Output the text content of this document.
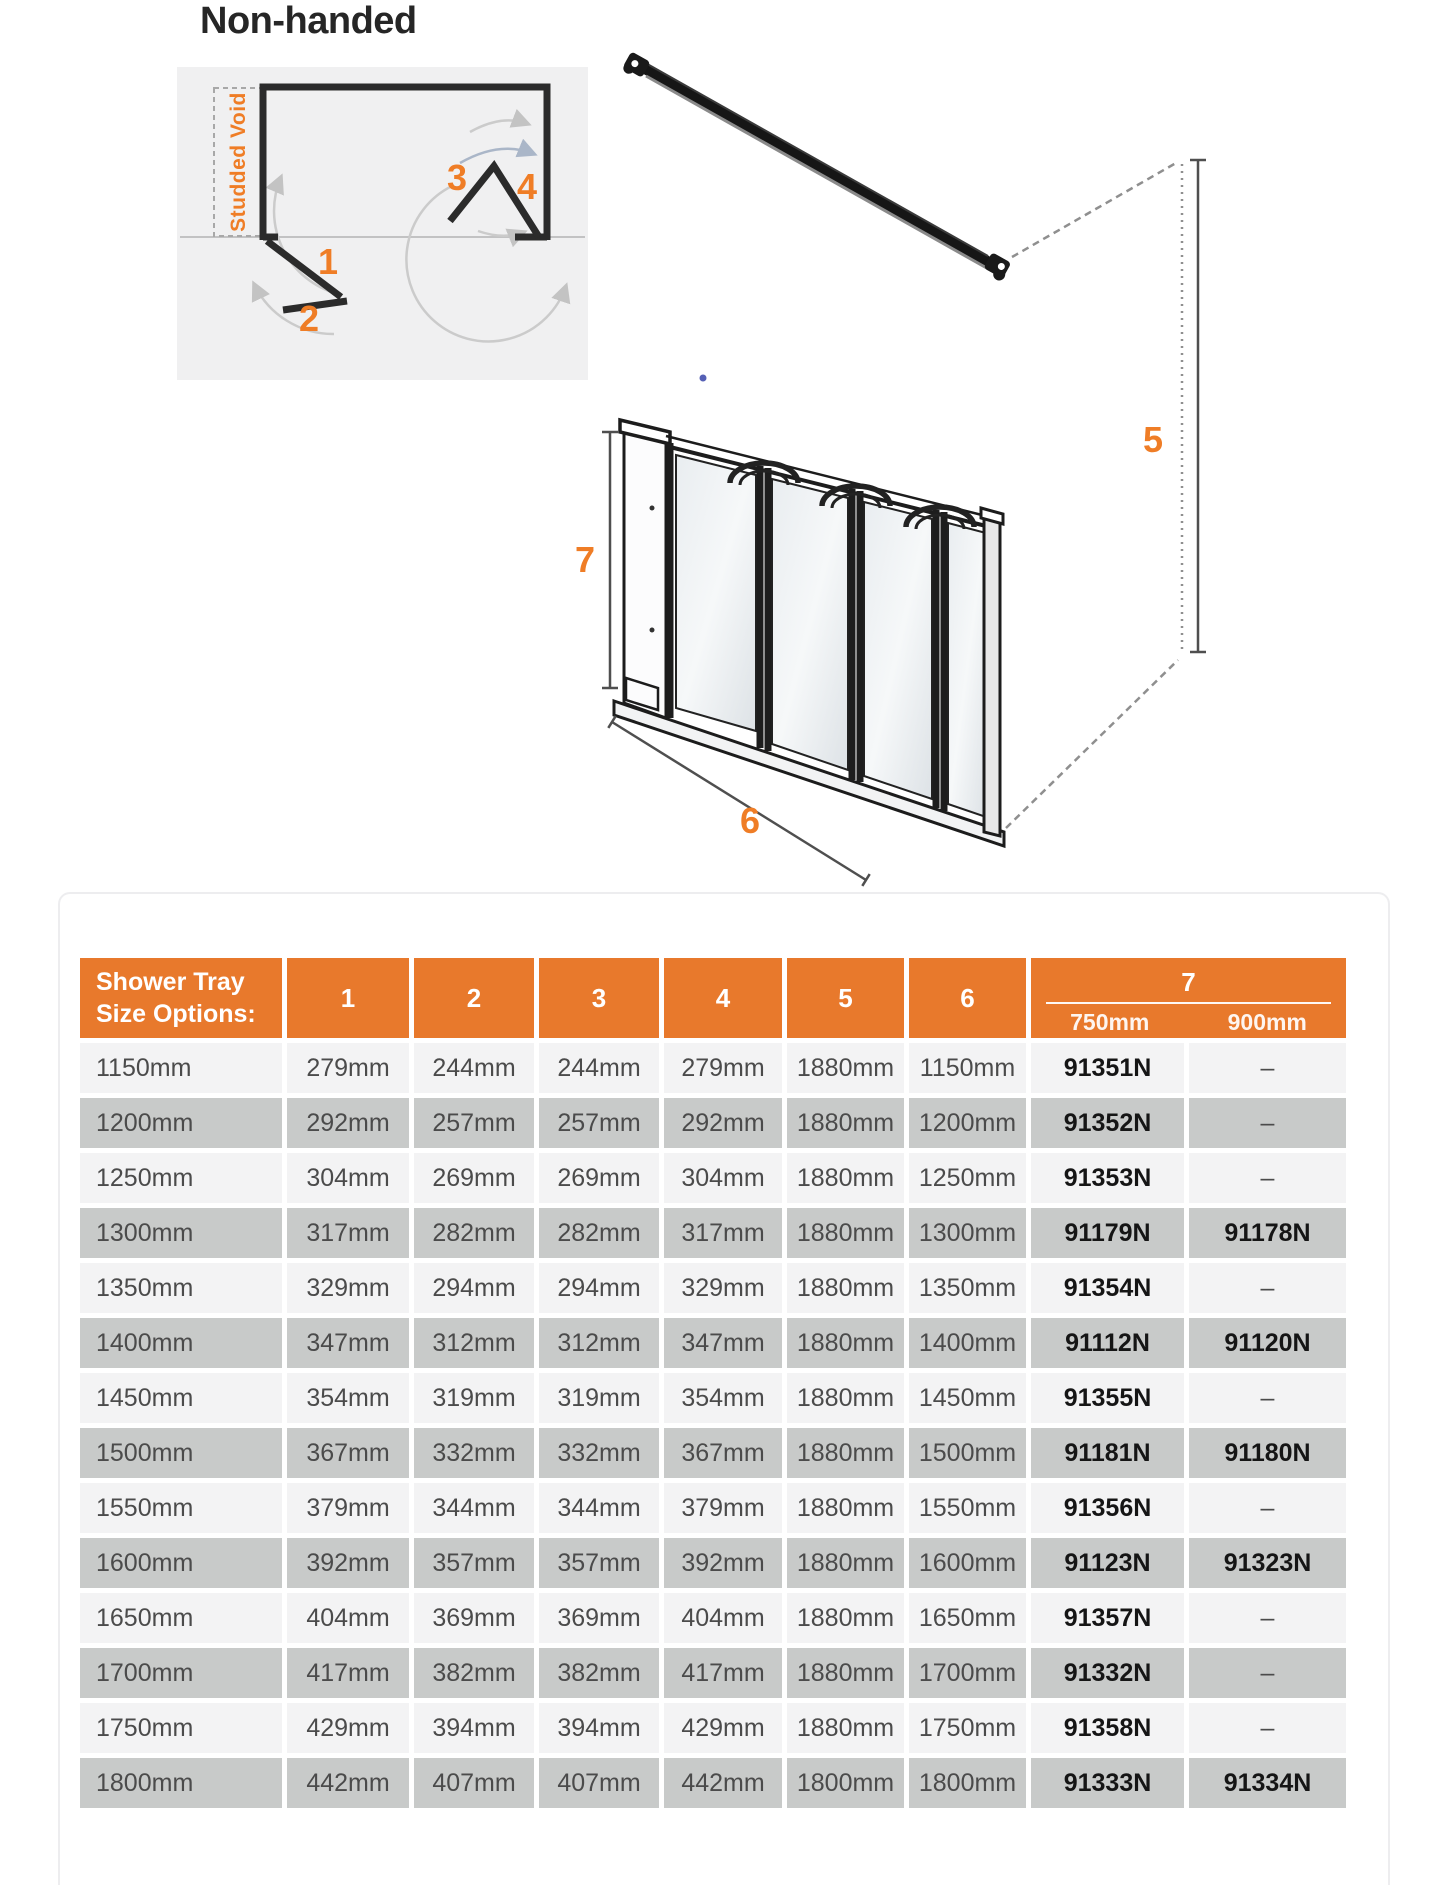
Non-handed
Studded Void
1
2
3 4
5
7
6
Shower Tray
Size Options:
1	2	3	4	5	6
7
750mm	900mm
1150mm	279mm	244mm	244mm	279mm	1880mm	1150mm	91351N	–
1200mm	292mm	257mm	257mm	292mm	1880mm 1200mm	91352N	–
1250mm	304mm	269mm	269mm	304mm	1880mm 1250mm	91353N	–
1300mm	317mm	282mm	282mm	317mm	1880mm 1300mm	91179N	91178N
1350mm	329mm	294mm	294mm	329mm	1880mm 1350mm	91354N	–
1400mm	347mm	312mm	312mm	347mm	1880mm 1400mm	91112N	91120N
1450mm	354mm	319mm	319mm	354mm	1880mm 1450mm	91355N	–
1500mm	367mm	332mm	332mm	367mm	1880mm 1500mm	91181N	91180N
1550mm	379mm	344mm	344mm	379mm	1880mm 1550mm	91356N	–
1600mm	392mm	357mm	357mm	392mm	1880mm 1600mm	91123N	91323N
1650mm	404mm	369mm	369mm	404mm	1880mm 1650mm	91357N	–
1700mm	417mm	382mm	382mm	417mm	1880mm 1700mm	91332N	–
1750mm	429mm	394mm	394mm	429mm	1880mm 1750mm	91358N	–
1800mm	442mm	407mm	407mm	442mm	1800mm 1800mm	91333N	91334N
